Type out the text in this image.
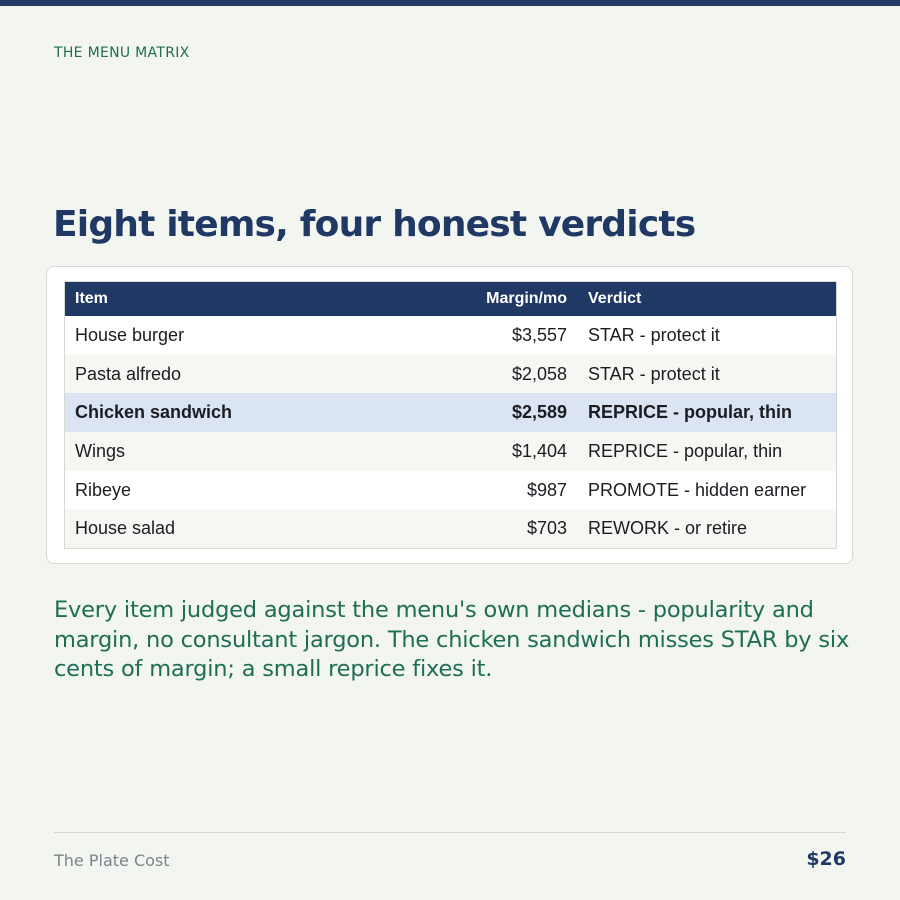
THE MENU MATRIX
Eight items, four honest verdicts
Item	Margin/mo	Verdict
House burger	$3,557	STAR - protect it
Pasta alfredo	$2,058	STAR - protect it
Chicken sandwich	$2,589	REPRICE - popular, thin
Wings	$1,404	REPRICE - popular, thin
Ribeye	$987	PROMOTE - hidden earner
House salad	$703	REWORK - or retire

Every item judged against the menu's own medians - popularity and margin, no consultant jargon. The chicken sandwich misses STAR by six cents of margin; a small reprice fixes it.

The Plate Cost	$26
